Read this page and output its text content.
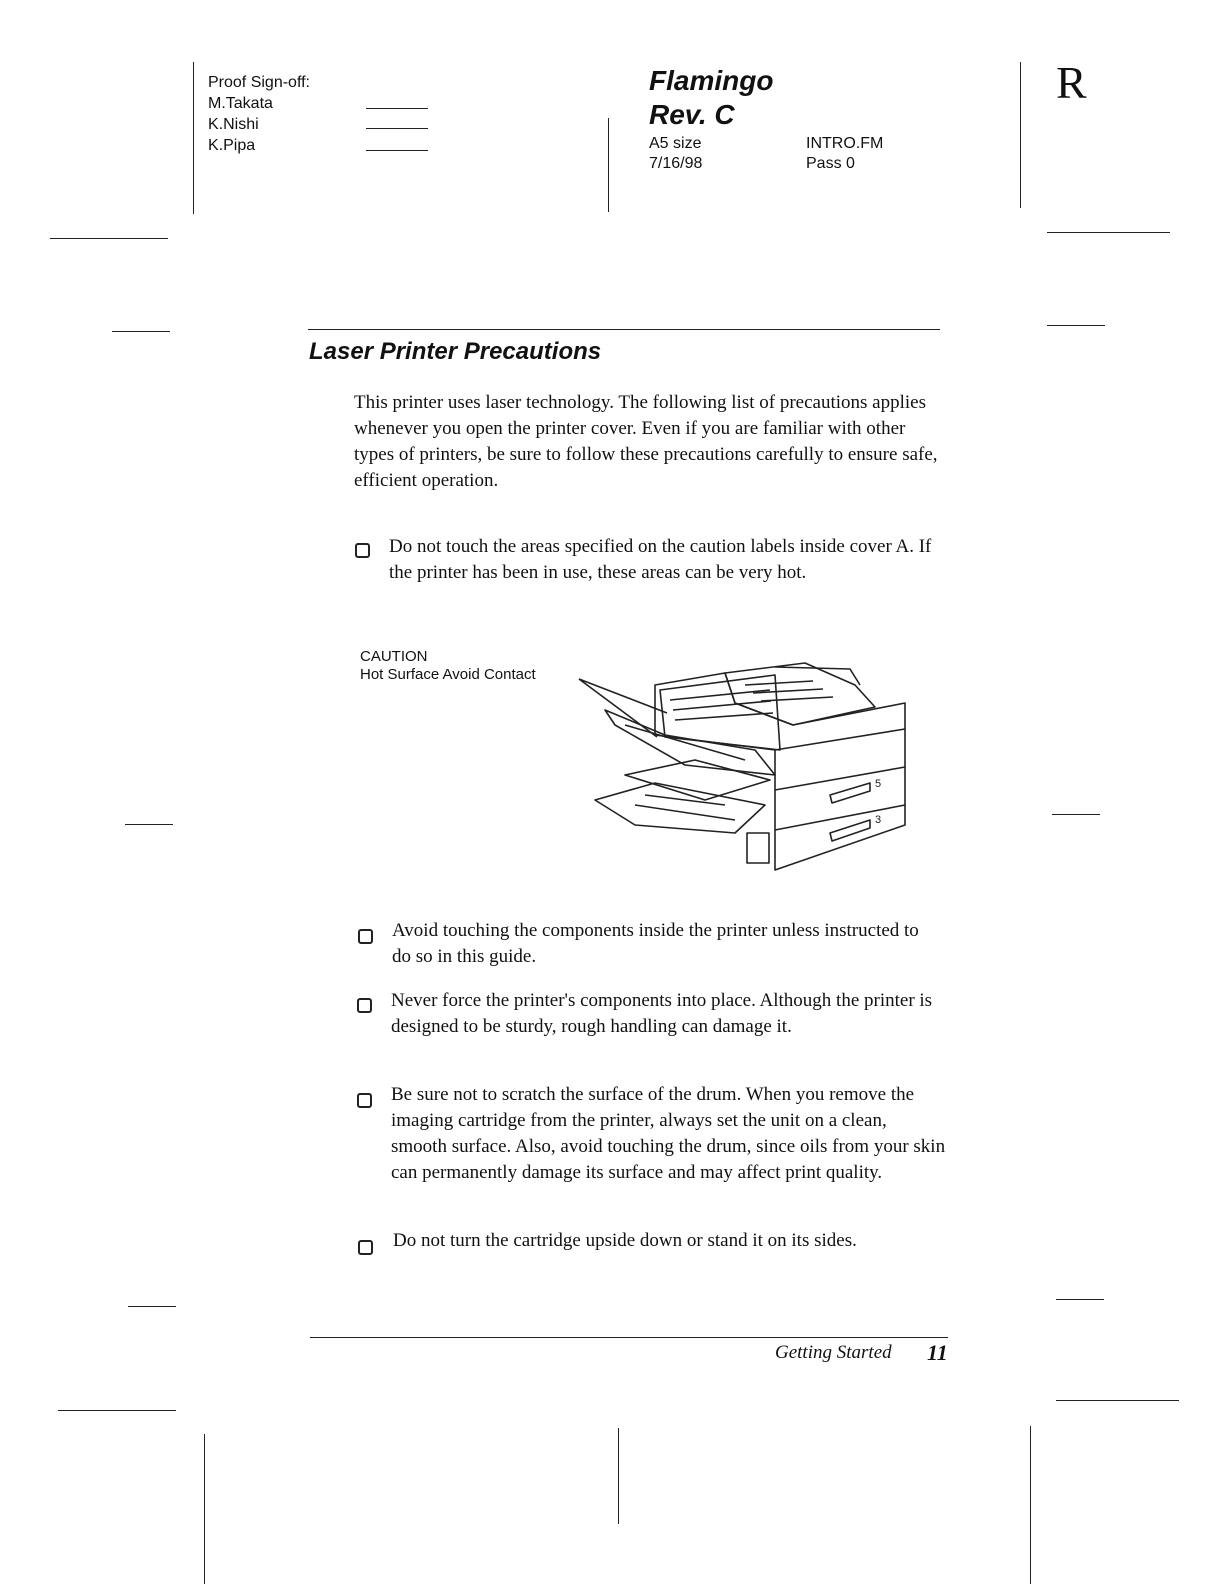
Proof Sign-off:
M.Takata
K.Nishi
K.Pipa
Flamingo
Rev. C
A5 size
7/16/98
INTRO.FM
Pass 0
R
Laser Printer Precautions
This printer uses laser technology. The following list of precautions applies whenever you open the printer cover. Even if you are familiar with other types of printers, be sure to follow these precautions carefully to ensure safe, efficient operation.
Do not touch the areas specified on the caution labels inside cover A. If the printer has been in use, these areas can be very hot.
CAUTION
Hot Surface Avoid Contact
5
3
Avoid touching the components inside the printer unless instructed to do so in this guide.
Never force the printer's components into place. Although the printer is designed to be sturdy, rough handling can damage it.
Be sure not to scratch the surface of the drum. When you remove the imaging cartridge from the printer, always set the unit on a clean, smooth surface. Also, avoid touching the drum, since oils from your skin can permanently damage its surface and may affect print quality.
Do not turn the cartridge upside down or stand it on its sides.
Getting Started 11
